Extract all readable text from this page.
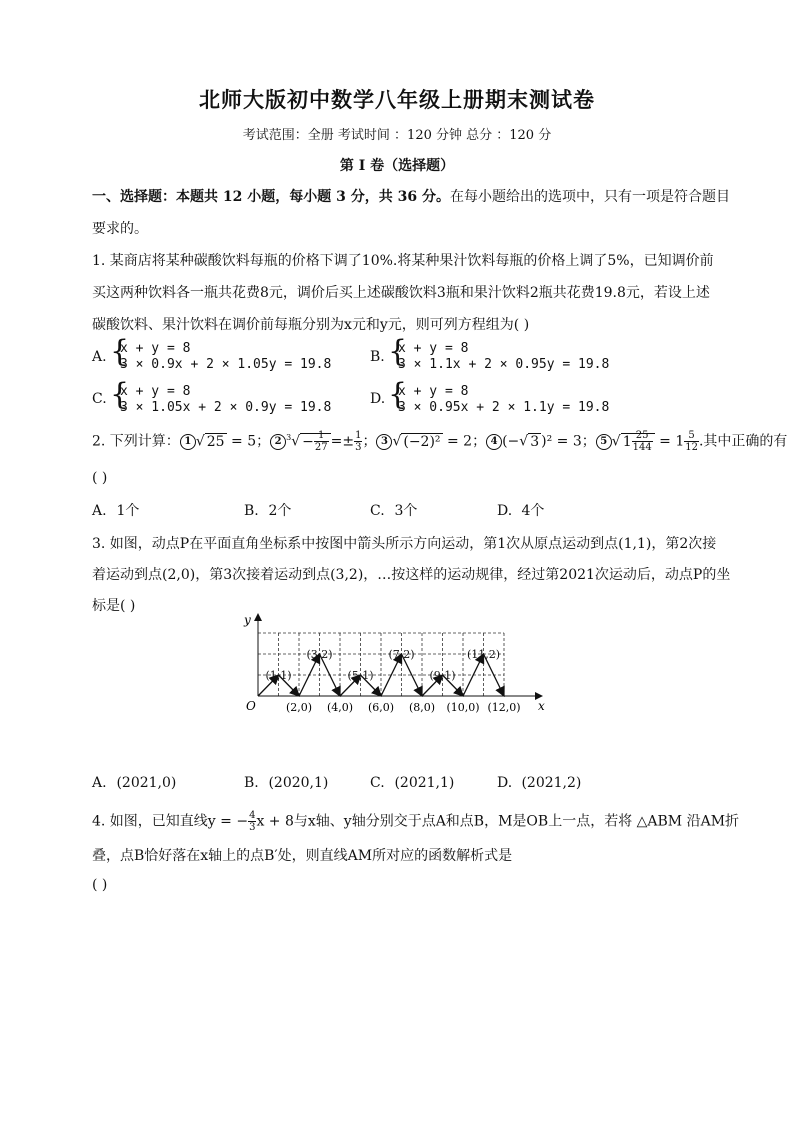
北师大版初中数学八年级上册期末测试卷
考试范围：全册 考试时间 ：120 分钟 总分 ：120 分
第 I 卷（选择题）
一、选择题：本题共 12 小题，每小题 3 分，共 36 分。在每小题给出的选项中，只有一项是符合题目
要求的。
1. 某商店将某种碳酸饮料每瓶的价格下调了10%.将某种果汁饮料每瓶的价格上调了5%，已知调价前
买这两种饮料各一瓶共花费8元，调价后买上述碳酸饮料3瓶和果汁饮料2瓶共花费19.8元，若设上述
碳酸饮料、果汁饮料在调价前每瓶分别为x元和y元，则可列方程组为( )
A. {
x + y = 8
3 × 0.9x + 2 × 1.05y = 19.8	B. {
x + y = 8
3 × 1.1x + 2 × 0.95y = 19.8
C. {
x + y = 8
3 × 1.05x + 2 × 0.9y = 19.8
D. {
x + y = 8
3 × 0.95x + 2 × 1.1y = 19.8
2. 下列计算： 1 √ 25 = 5； 2 $^3√ - \frac{1}{27} =\pm \frac{1}{3}$ ； 3 √ (−2)² = 2； 4 (−√ 3 )² = 3； 5 √ $1 \frac{25}{144} = 1 \frac{5}{12}$ .其中正确的有
( )
A. 1个	B. 2个	C. 3个	D. 4个
3. 如图，动点P在平面直角坐标系中按图中箭头所示方向运动，第1次从原点运动到点(1,1)，第2次接
着运动到点(2,0)，第3次接着运动到点(3,2)，…按这样的运动规律，经过第2021次运动后，动点P的坐
标是( )
x
y
O
(1,1)
(3,2)
(5,1)
(7,2)
(9,1)
(11,2)
(2,0) (4,0) (6,0) (8,0) (10,0) (12,0)
A. (2021,0)	B. (2020,1)	C. (2021,1)	D. (2021,2)
4. 如图，已知直线y = − $\frac{4}{3}$ x + 8与x轴、y轴分别交于点A和点B，M是OB上一点，若将 △ABM 沿AM折
叠，点B恰好落在x轴上的点B′处，则直线AM所对应的函数解析式是
( )
